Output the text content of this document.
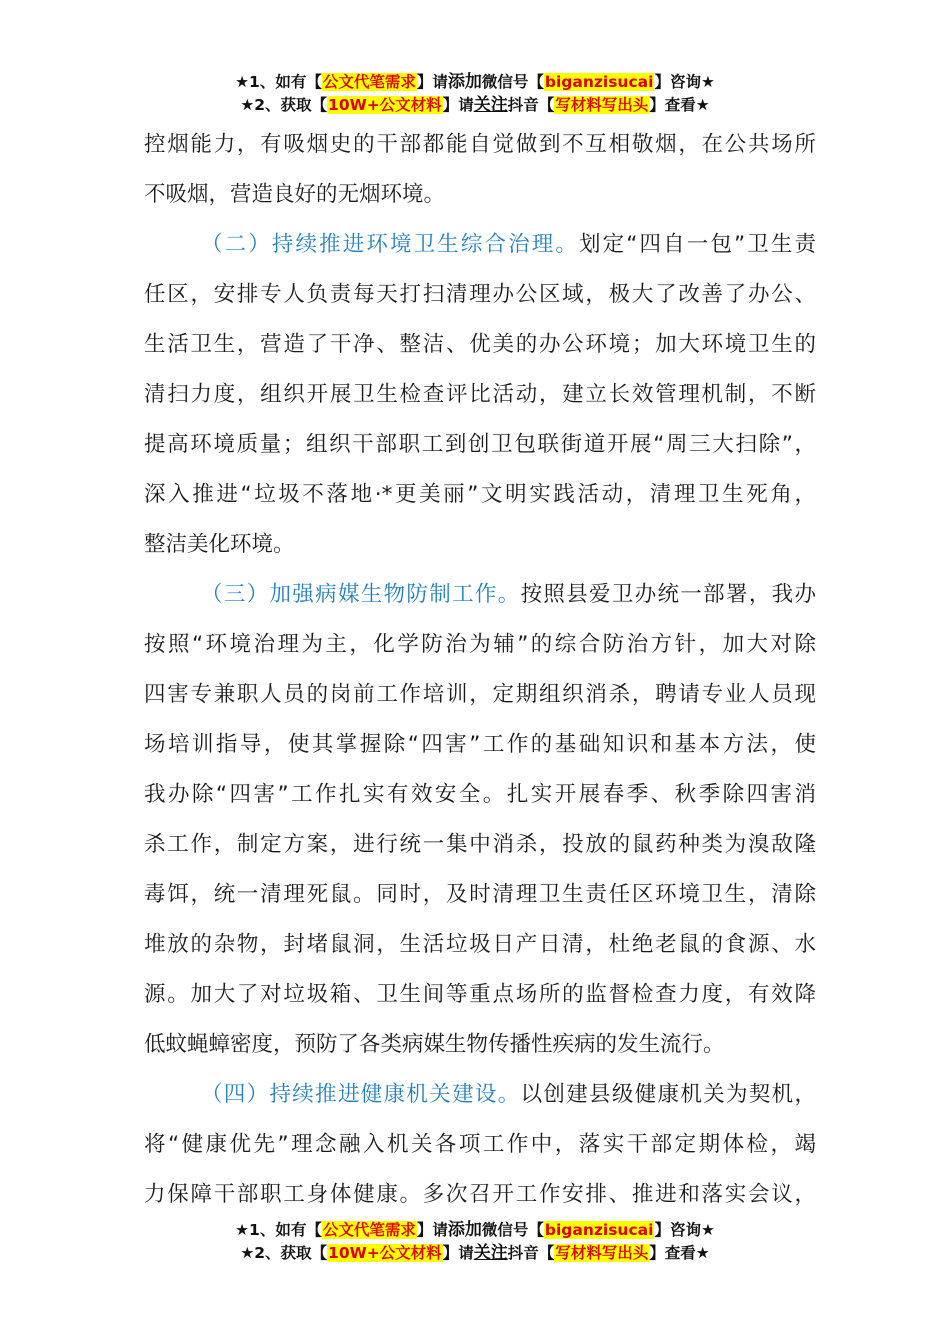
★1、如有【公文代笔需求】请添加微信号【biganzisucai】咨询★
★2、获取【10W+公文材料】请关注抖音【写材料写出头】查看★
控烟能力，有吸烟史的干部都能自觉做到不互相敬烟，在公共场所
不吸烟，营造良好的无烟环境。
（二）持续推进环境卫生综合治理。划定“四自一包”卫生责
任区，安排专人负责每天打扫清理办公区域，极大了改善了办公、
生活卫生，营造了干净、整洁、优美的办公环境；加大环境卫生的
清扫力度，组织开展卫生检查评比活动，建立长效管理机制，不断
提高环境质量；组织干部职工到创卫包联街道开展“周三大扫除”，
深入推进“垃圾不落地·*更美丽”文明实践活动，清理卫生死角，
整洁美化环境。
（三）加强病媒生物防制工作。按照县爱卫办统一部署，我办
按照“环境治理为主，化学防治为辅”的综合防治方针，加大对除
四害专兼职人员的岗前工作培训，定期组织消杀，聘请专业人员现
场培训指导，使其掌握除“四害”工作的基础知识和基本方法，使
我办除“四害”工作扎实有效安全。扎实开展春季、秋季除四害消
杀工作，制定方案，进行统一集中消杀，投放的鼠药种类为溴敌隆
毒饵，统一清理死鼠。同时，及时清理卫生责任区环境卫生，清除
堆放的杂物，封堵鼠洞，生活垃圾日产日清，杜绝老鼠的食源、水
源。加大了对垃圾箱、卫生间等重点场所的监督检查力度，有效降
低蚊蝇蟑密度，预防了各类病媒生物传播性疾病的发生流行。
（四）持续推进健康机关建设。以创建县级健康机关为契机，
将“健康优先”理念融入机关各项工作中，落实干部定期体检，竭
力保障干部职工身体健康。多次召开工作安排、推进和落实会议，
★1、如有【公文代笔需求】请添加微信号【biganzisucai】咨询★
★2、获取【10W+公文材料】请关注抖音【写材料写出头】查看★
